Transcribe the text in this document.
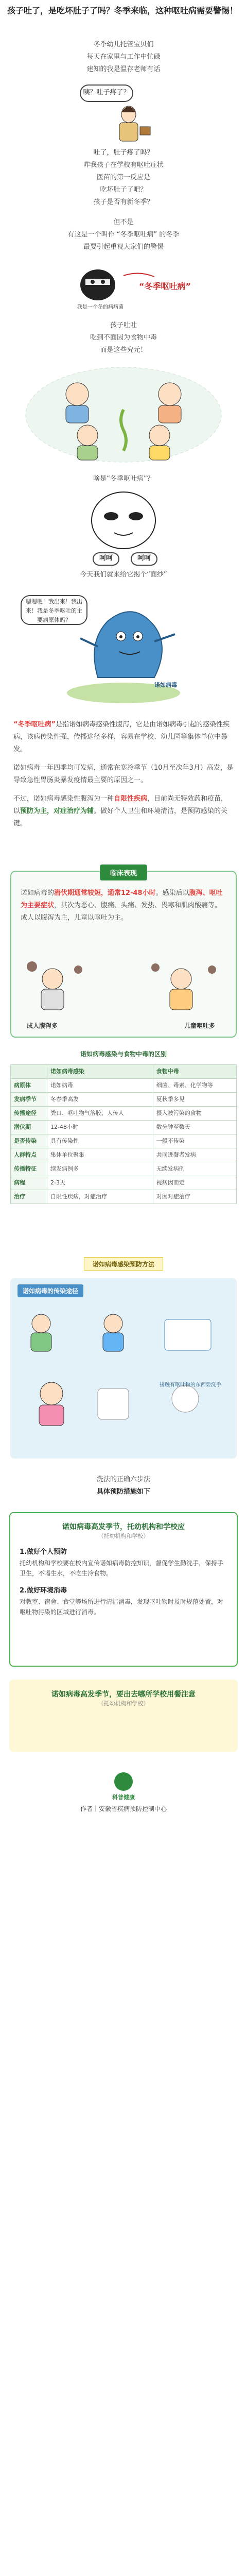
孩子吐了，是吃坏肚子了吗？冬季来临，这种呕吐病需要警惕！
冬季幼儿托管宝贝们
每天在家里与工作中忙碌
建知的我是温存老师有话
咦？吐子疼了？
吐了，肚子疼了吗？
昨我孩子在学校有呕吐症状
医苗的第一反应是
吃坏肚子了吧？
孩子是否有新冬季？
但不是
有这是一个叫作 “冬季呕吐病” 的冬季
最要引起重视大家们的警惕
我是一个冬的病病菌
“冬季呕吐病”
孩子吐吐
吃到不面因为食物中毒
而是这些究元！
啥是“冬季呕吐病”？
呵呵	呵呵
今天我们就来给它揭个“面纱”
嗯嗯嗯！我出来！我出来！我是冬季呕吐的主要病原体吗？
诺如病毒

“冬季呕吐病”是指诺如病毒感染性腹泻，它是由诺如病毒引起的感染性疾病，该病传染性强，传播途径多样，容易在学校、幼儿园等集体单位中暴发。

诺如病毒一年四季均可发病，通常在寒冷季节（10月至次年3月）高发，是导致急性胃肠炎暴发疫情最主要的原因之一。

不过，诺如病毒感染性腹泻为一种自限性疾病，目前尚无特效药和疫苗，以预防为主，对症治疗为辅。做好个人卫生和环境清洁，是预防感染的关键。

临床表现

诺如病毒的潜伏期通常较短，通常12-48小时。感染后以腹泻、呕吐为主要症状，其次为恶心、腹痛、头痛、发热、畏寒和肌肉酸痛等。成人以腹泻为主，儿童以呕吐为主。

成人腹泻多	儿童呕吐多
诺如病毒感染与食物中毒的区别
	诺如病毒感染	食物中毒
病原体	诺如病毒	细菌、毒素、化学物等
发病季节	冬春季高发	夏秋季多见
传播途径	粪口、呕吐物气溶胶、人传人	摄入被污染的食物
潜伏期	12-48小时	数分钟至数天
是否传染	具有传染性	一般不传染
人群特点	集体单位聚集	共同进餐者发病
传播特征	续发病例多	无续发病例
病程	2-3天	视病因而定
治疗	自限性疾病，对症治疗	对因对症治疗
诺如病毒感染预防方法
诺如病毒的传染途径
接触有呕吐物的东西要洗手
洗法的正确六步法
具体预防措施如下
诺如病毒高发季节，托幼机构和学校应
（托幼机构和学校）
1.做好个人预防
托幼机构和学校要在校内宣传诺如病毒防控知识，督促学生勤洗手，保持手卫生，不喝生水，不吃生冷食物。
2.做好环境消毒
对教室、宿舍、食堂等场所进行清洁消毒，发现呕吐物时及时规范处置，对呕吐物污染的区域进行消毒。
诺如病毒高发季节，要出去哪所学校用餐注意
（托幼机构和学校）
科普健康
作者｜安徽省疾病预防控制中心
